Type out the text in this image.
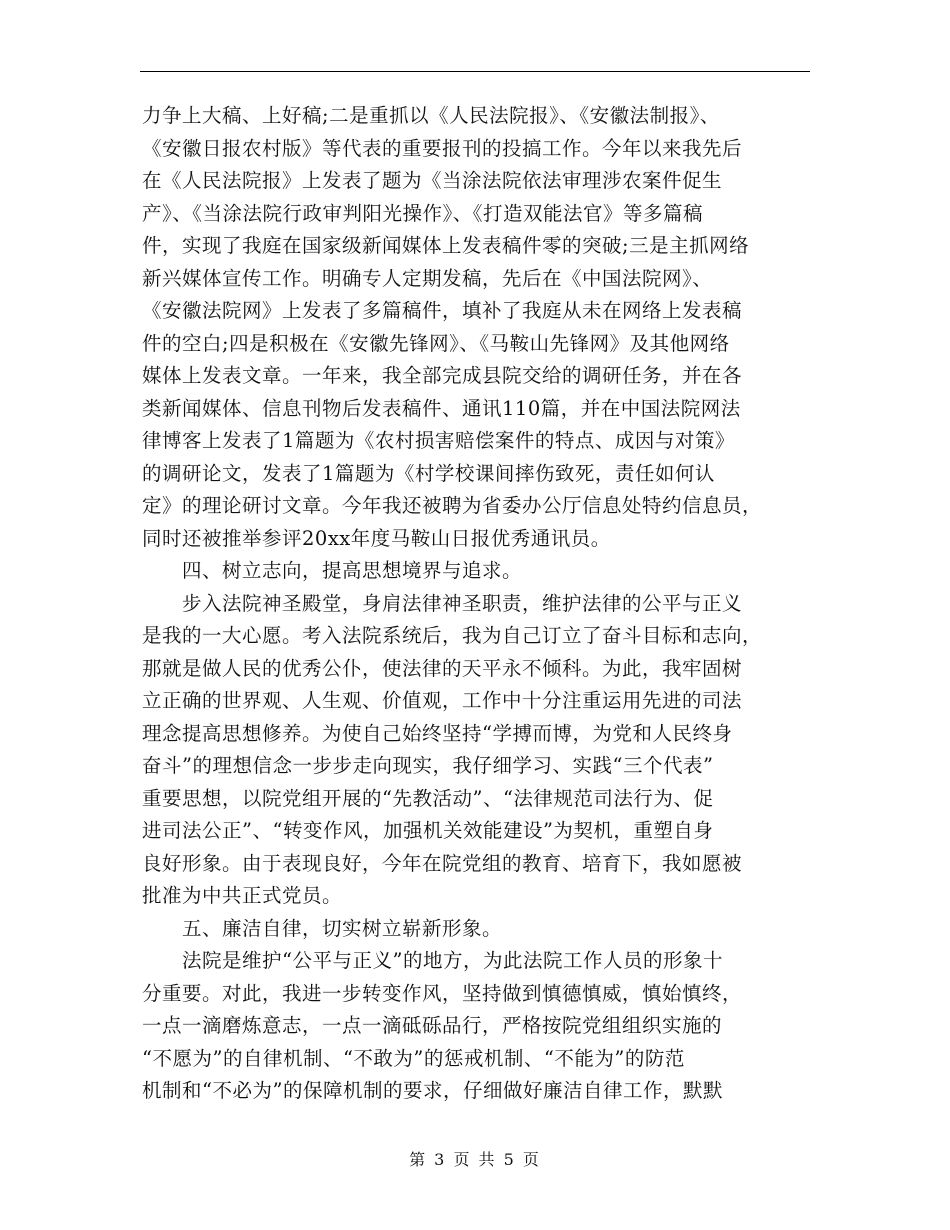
力争上大稿、上好稿;二是重抓以《人民法院报》、《安徽法制报》、
《安徽日报农村版》等代表的重要报刊的投搞工作。今年以来我先后
在《人民法院报》上发表了题为《当涂法院依法审理涉农案件促生
产》、《当涂法院行政审判阳光操作》、《打造双能法官》等多篇稿
件，实现了我庭在国家级新闻媒体上发表稿件零的突破;三是主抓网络
新兴媒体宣传工作。明确专人定期发稿，先后在《中国法院网》、
《安徽法院网》上发表了多篇稿件，填补了我庭从未在网络上发表稿
件的空白;四是积极在《安徽先锋网》、《马鞍山先锋网》及其他网络
媒体上发表文章。一年来，我全部完成县院交给的调研任务，并在各
类新闻媒体、信息刊物后发表稿件、通讯110篇，并在中国法院网法
律博客上发表了1篇题为《农村损害赔偿案件的特点、成因与对策》
的调研论文，发表了1篇题为《村学校课间摔伤致死，责任如何认
定》的理论研讨文章。今年我还被聘为省委办公厅信息处特约信息员，
同时还被推举参评20xx年度马鞍山日报优秀通讯员。
　　四、树立志向，提高思想境界与追求。
　　步入法院神圣殿堂，身肩法律神圣职责，维护法律的公平与正义
是我的一大心愿。考入法院系统后，我为自己订立了奋斗目标和志向，
那就是做人民的优秀公仆，使法律的天平永不倾科。为此，我牢固树
立正确的世界观、人生观、价值观，工作中十分注重运用先进的司法
理念提高思想修养。为使自己始终坚持“学搏而博，为党和人民终身
奋斗”的理想信念一步步走向现实，我仔细学习、实践“三个代表”
重要思想，以院党组开展的“先教活动”、“法律规范司法行为、促
进司法公正”、“转变作风，加强机关效能建设”为契机，重塑自身
良好形象。由于表现良好，今年在院党组的教育、培育下，我如愿被
批准为中共正式党员。
　　五、廉洁自律，切实树立崭新形象。
　　法院是维护“公平与正义”的地方，为此法院工作人员的形象十
分重要。对此，我进一步转变作风，坚持做到慎德慎威，慎始慎终，
一点一滴磨炼意志，一点一滴砥砾品行，严格按院党组组织实施的
“不愿为”的自律机制、“不敢为”的惩戒机制、“不能为”的防范
机制和“不必为”的保障机制的要求，仔细做好廉洁自律工作，默默
第 3 页 共 5 页
